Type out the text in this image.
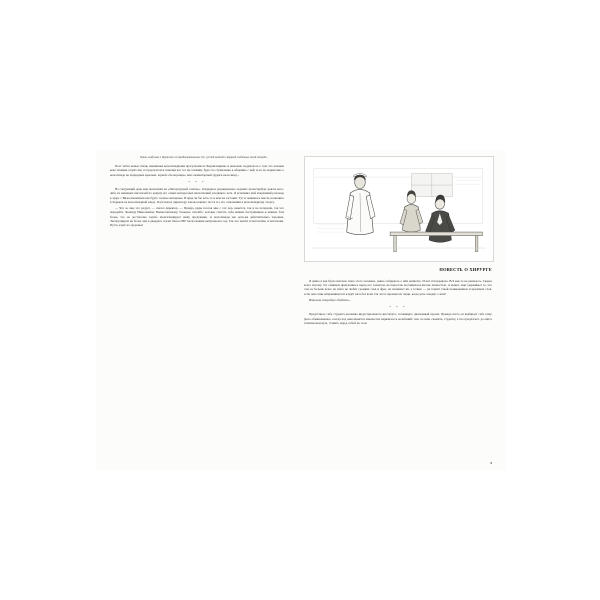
Трава, воздушна в Чернигове из праздношатающих сёл, густой зелёной и мерцкой съеденных лицей поперёк...

Поэт читал новые стихи, навеянные велосипедными прогулками по Черниговщине, и невольно подумалось о том, что человек века техники отдаёт как от пророгатом и помощи все тот же техники, будь это стремление к общению с ней, и он по-хорватские о велосипеде на подводных крыльях, юрной «За-порожце» или элементарный трудяга-велосипед...

* * *

На следующий день мне позволили на «Литературной газетке». Очередное редакционное задание: пропетербург-ровать кого-либо из книжных писателей по кануну его самых интересных впечатлений уходящего лета. Я вспомнил мой вчерашний разговор в здаре с Вячеславовичем как будто готовое интервью. И вряд ли бы чего-то и нем же заставит. Тут и появилась мысль позвонить в Харьков на велосипедный завод. Я рассказал директору ханова нашего поэта и о его отношении к велосипедному спорту.

— Что ж, мне это радует, — сказал директор. — Правда, ряды поэтов мне с тех пор, кажется, так и не попадали, так что передайте Леониду Николаевичу Вышеславскому, большое спасибо: человек считать себя нашим послушником и нашим. Тем более, что он достаточно горячо пропагандирует нашу продукцию. А велосипеды мы дела-ем действительно хорошие. Экспортируем их более чем в двадцать стран! Около 800 тысяч машин выпускаем в год. Так что хватит и писателям, и читателям. Пусть ездят на здоровье!

ПОВЕСТЬ О ХИРУРГЕ

Я давно я как будто неплохо знаю этого человека, давно собираюсь о нём написать. И всё откладывало. Всё как-то не решалось. Скорее всего потому, что слишком преклоняюсь перед его талантом, не перестаю восхищаться им как личностью. А может, ещё сдерживает то, что сам он больше всего на свете не любит громких слов и фраз, не понимает их, а точнее — не терпит такой возвышенных и красивых слов, если они сами напрашиваются и идёт ни в бел всем так часто произносят люди, когда речь заходит о нём?

Впрочем, попробую обойтись...

* * *

Представьте себе студента-заочника индустриального института, готовящего дипломный проект. Прежде всего он выбирает себе тему. Дело обыкновенное, всегда под ним является множество вариантов и колебаний: тем, по ним, скажите, студенту, а кто предлагает, да ещё в техническом вузе, ставить перед собой на этом

5
